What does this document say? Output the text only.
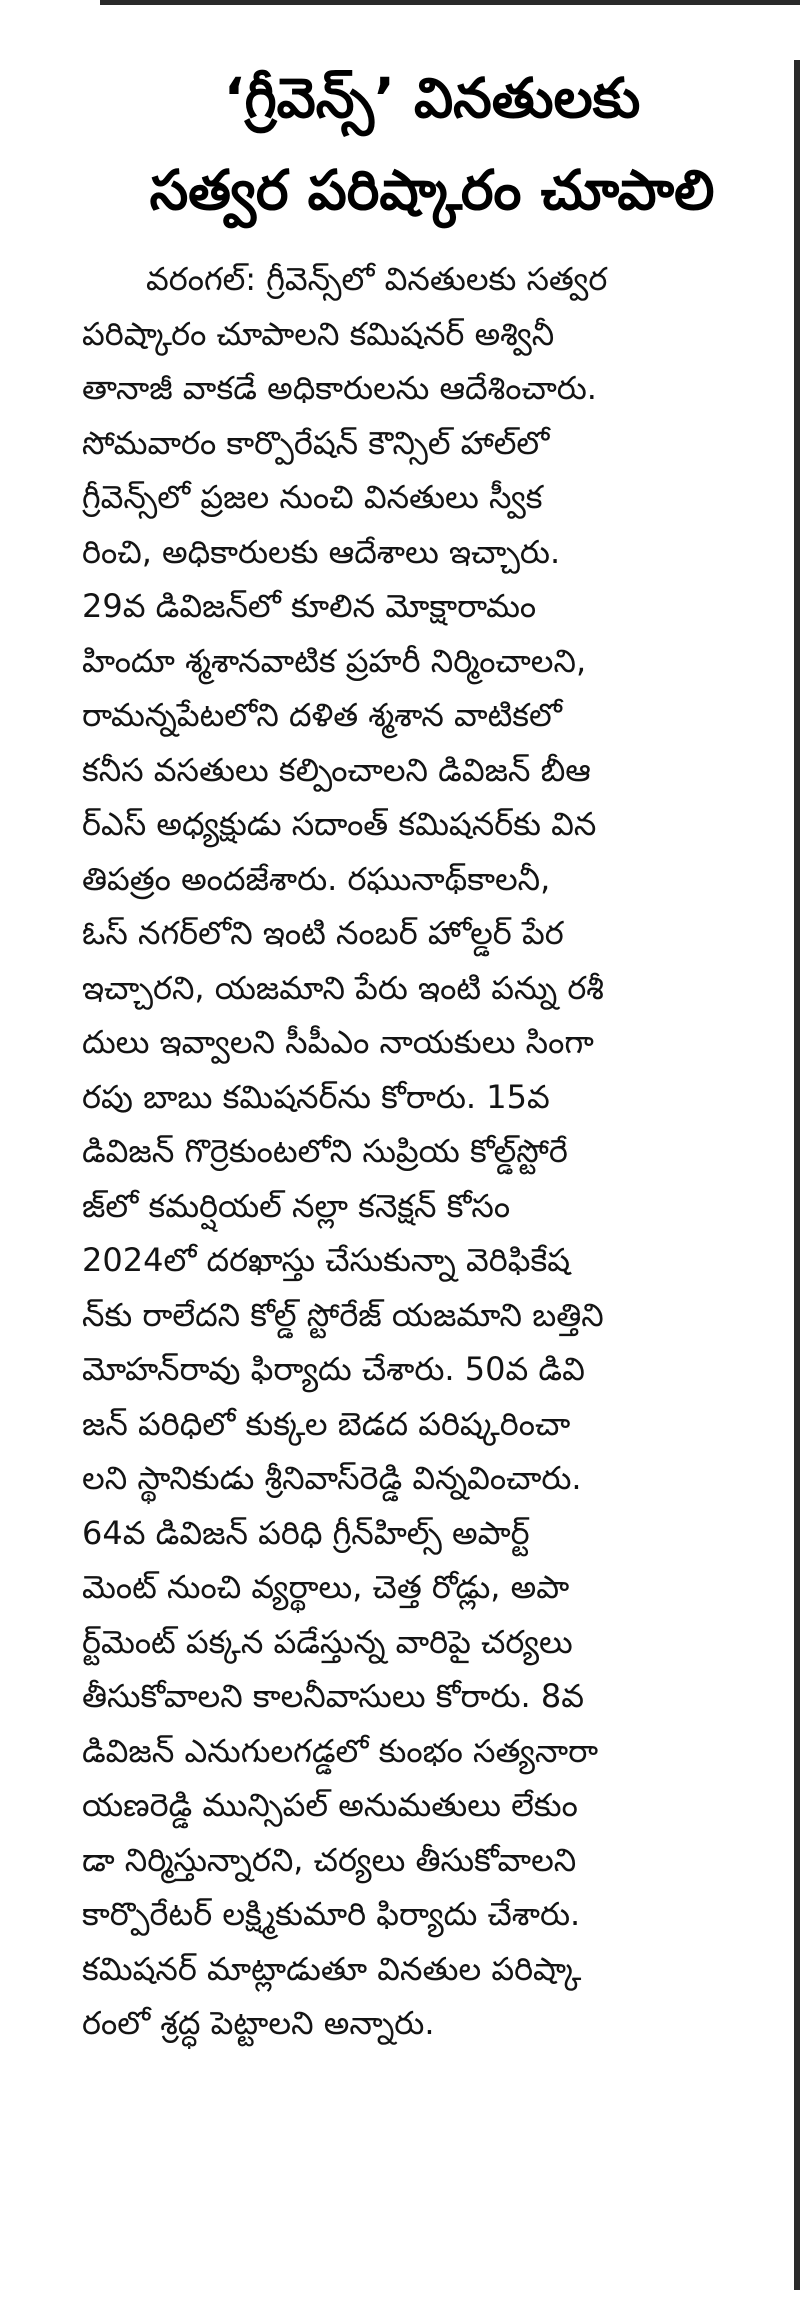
‘గ్రీవెన్స్’ వినతులకు
సత్వర పరిష్కారం చూపాలి
వరంగల్: గ్రీవెన్స్‌లో వినతులకు సత్వర
పరిష్కారం చూపాలని కమిషనర్ అశ్వినీ
తానాజీ వాకడే అధికారులను ఆదేశించారు.
సోమవారం కార్పొరేషన్ కౌన్సిల్ హాల్‌లో
గ్రీవెన్స్‌లో ప్రజల నుంచి వినతులు స్వీక
రించి, అధికారులకు ఆదేశాలు ఇచ్చారు.
29వ డివిజన్‌లో కూలిన మోక్షారామం
హిందూ శ్మశానవాటిక ప్రహరీ నిర్మించాలని,
రామన్నపేటలోని దళిత శ్మశాన వాటికలో
కనీస వసతులు కల్పించాలని డివిజన్ బీఆ
ర్ఎస్ అధ్యక్షుడు సదాంత్ కమిషనర్‌కు విన
తిపత్రం అందజేశారు. రఘునాథ్‌కాలనీ,
ఓస్ నగర్‌లోని ఇంటి నంబర్ హోల్డర్ పేర
ఇచ్చారని, యజమాని పేరు ఇంటి పన్ను రశీ
దులు ఇవ్వాలని సీపీఎం నాయకులు సింగా
రపు బాబు కమిషనర్‌ను కోరారు. 15వ
డివిజన్ గొర్రెకుంటలోని సుప్రియ కోల్డ్‌స్టోరే
జ్‌లో కమర్షియల్ నల్లా కనెక్షన్ కోసం
2024లో దరఖాస్తు చేసుకున్నా వెరిఫికేష
న్‌కు రాలేదని కోల్డ్ స్టోరేజ్ యజమాని బత్తిని
మోహన్‌రావు ఫిర్యాదు చేశారు. 50వ డివి
జన్ పరిధిలో కుక్కల బెడద పరిష్కరించా
లని స్థానికుడు శ్రీనివాస్‌రెడ్డి విన్నవించారు.
64వ డివిజన్ పరిధి గ్రీన్‌హిల్స్ అపార్ట్
మెంట్ నుంచి వ్యర్థాలు, చెత్త రోడ్లు, అపా
ర్ట్‌మెంట్ పక్కన పడేస్తున్న వారిపై చర్యలు
తీసుకోవాలని కాలనీవాసులు కోరారు. 8వ
డివిజన్ ఎనుగులగడ్డలో కుంభం సత్యనారా
యణరెడ్డి మున్సిపల్ అనుమతులు లేకుం
డా నిర్మిస్తున్నారని, చర్యలు తీసుకోవాలని
కార్పొరేటర్ లక్ష్మికుమారి ఫిర్యాదు చేశారు.
కమిషనర్ మాట్లాడుతూ వినతుల పరిష్కా
రంలో శ్రద్ధ పెట్టాలని అన్నారు.
